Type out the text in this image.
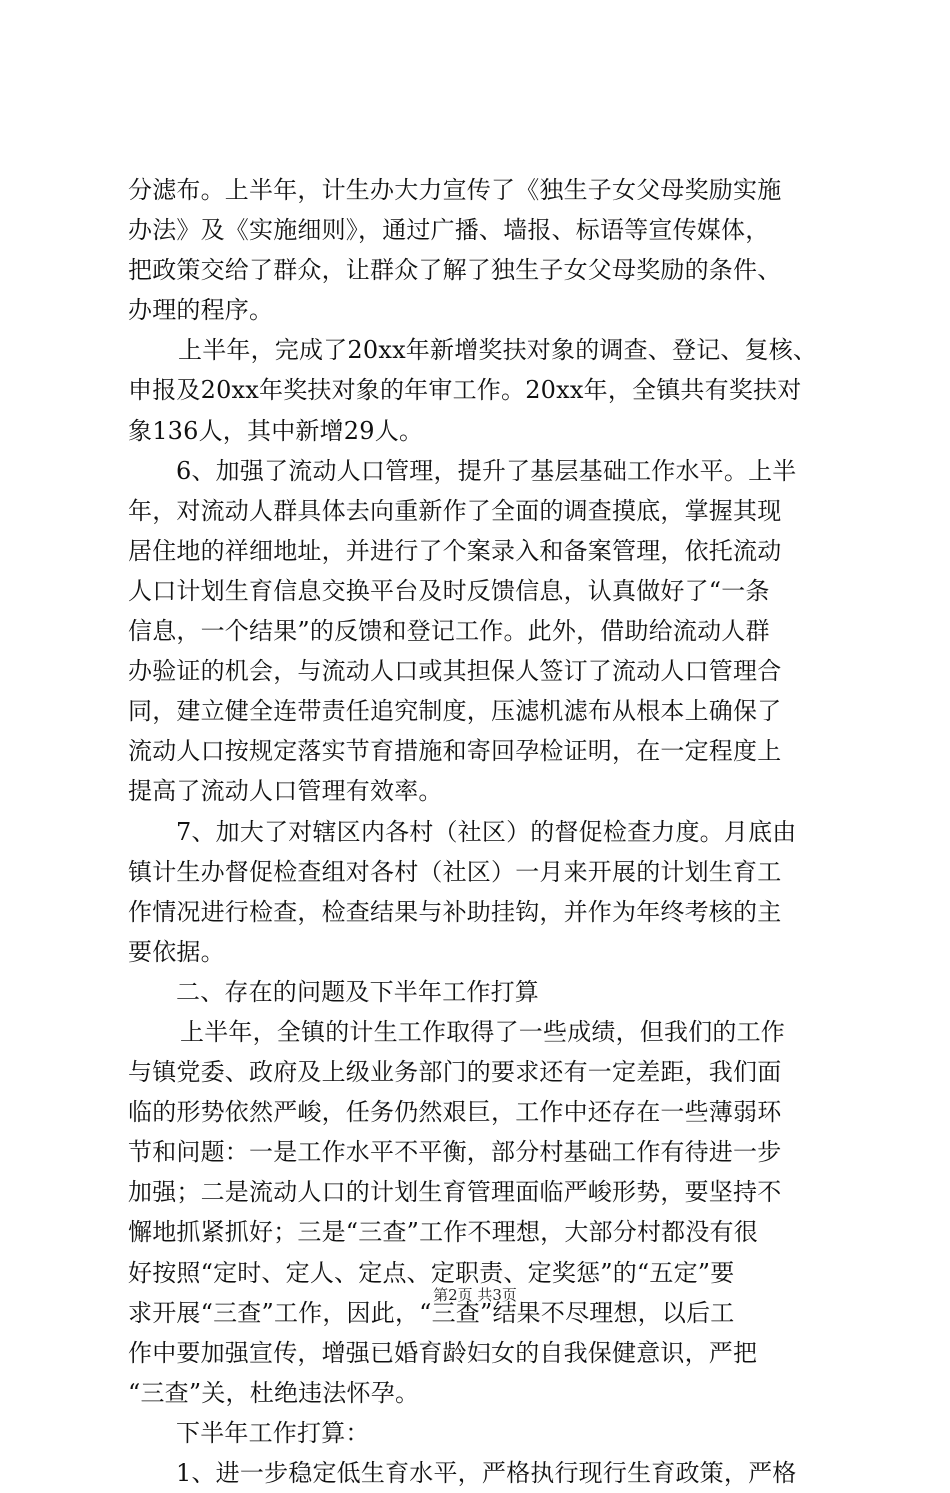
分滤布。上半年，计生办大力宣传了《独生子女父母奖励实施
办法》及《实施细则》，通过广播、墙报、标语等宣传媒体，
把政策交给了群众，让群众了解了独生子女父母奖励的条件、
办理的程序。
上半年，完成了20xx年新增奖扶对象的调查、登记、复核、
申报及20xx年奖扶对象的年审工作。20xx年，全镇共有奖扶对
象136人，其中新增29人。
6、加强了流动人口管理，提升了基层基础工作水平。上半
年，对流动人群具体去向重新作了全面的调查摸底，掌握其现
居住地的祥细地址，并进行了个案录入和备案管理，依托流动
人口计划生育信息交换平台及时反馈信息，认真做好了“一条
信息，一个结果”的反馈和登记工作。此外，借助给流动人群
办验证的机会，与流动人口或其担保人签订了流动人口管理合
同，建立健全连带责任追究制度，压滤机滤布从根本上确保了
流动人口按规定落实节育措施和寄回孕检证明，在一定程度上
提高了流动人口管理有效率。
7、加大了对辖区内各村（社区）的督促检查力度。月底由
镇计生办督促检查组对各村（社区）一月来开展的计划生育工
作情况进行检查，检查结果与补助挂钩，并作为年终考核的主
要依据。
二、存在的问题及下半年工作打算
上半年，全镇的计生工作取得了一些成绩，但我们的工作
与镇党委、政府及上级业务部门的要求还有一定差距，我们面
临的形势依然严峻，任务仍然艰巨，工作中还存在一些薄弱环
节和问题：一是工作水平不平衡，部分村基础工作有待进一步
加强；二是流动人口的计划生育管理面临严峻形势，要坚持不
懈地抓紧抓好；三是“三查”工作不理想，大部分村都没有很
好按照“定时、定人、定点、定职责、定奖惩”的“五定”要
求开展“三查”工作，因此，“三查”结果不尽理想，以后工
作中要加强宣传，增强已婚育龄妇女的自我保健意识，严把
“三查”关，杜绝违法怀孕。
下半年工作打算：
1、进一步稳定低生育水平，严格执行现行生育政策，严格
第2页 共3页
